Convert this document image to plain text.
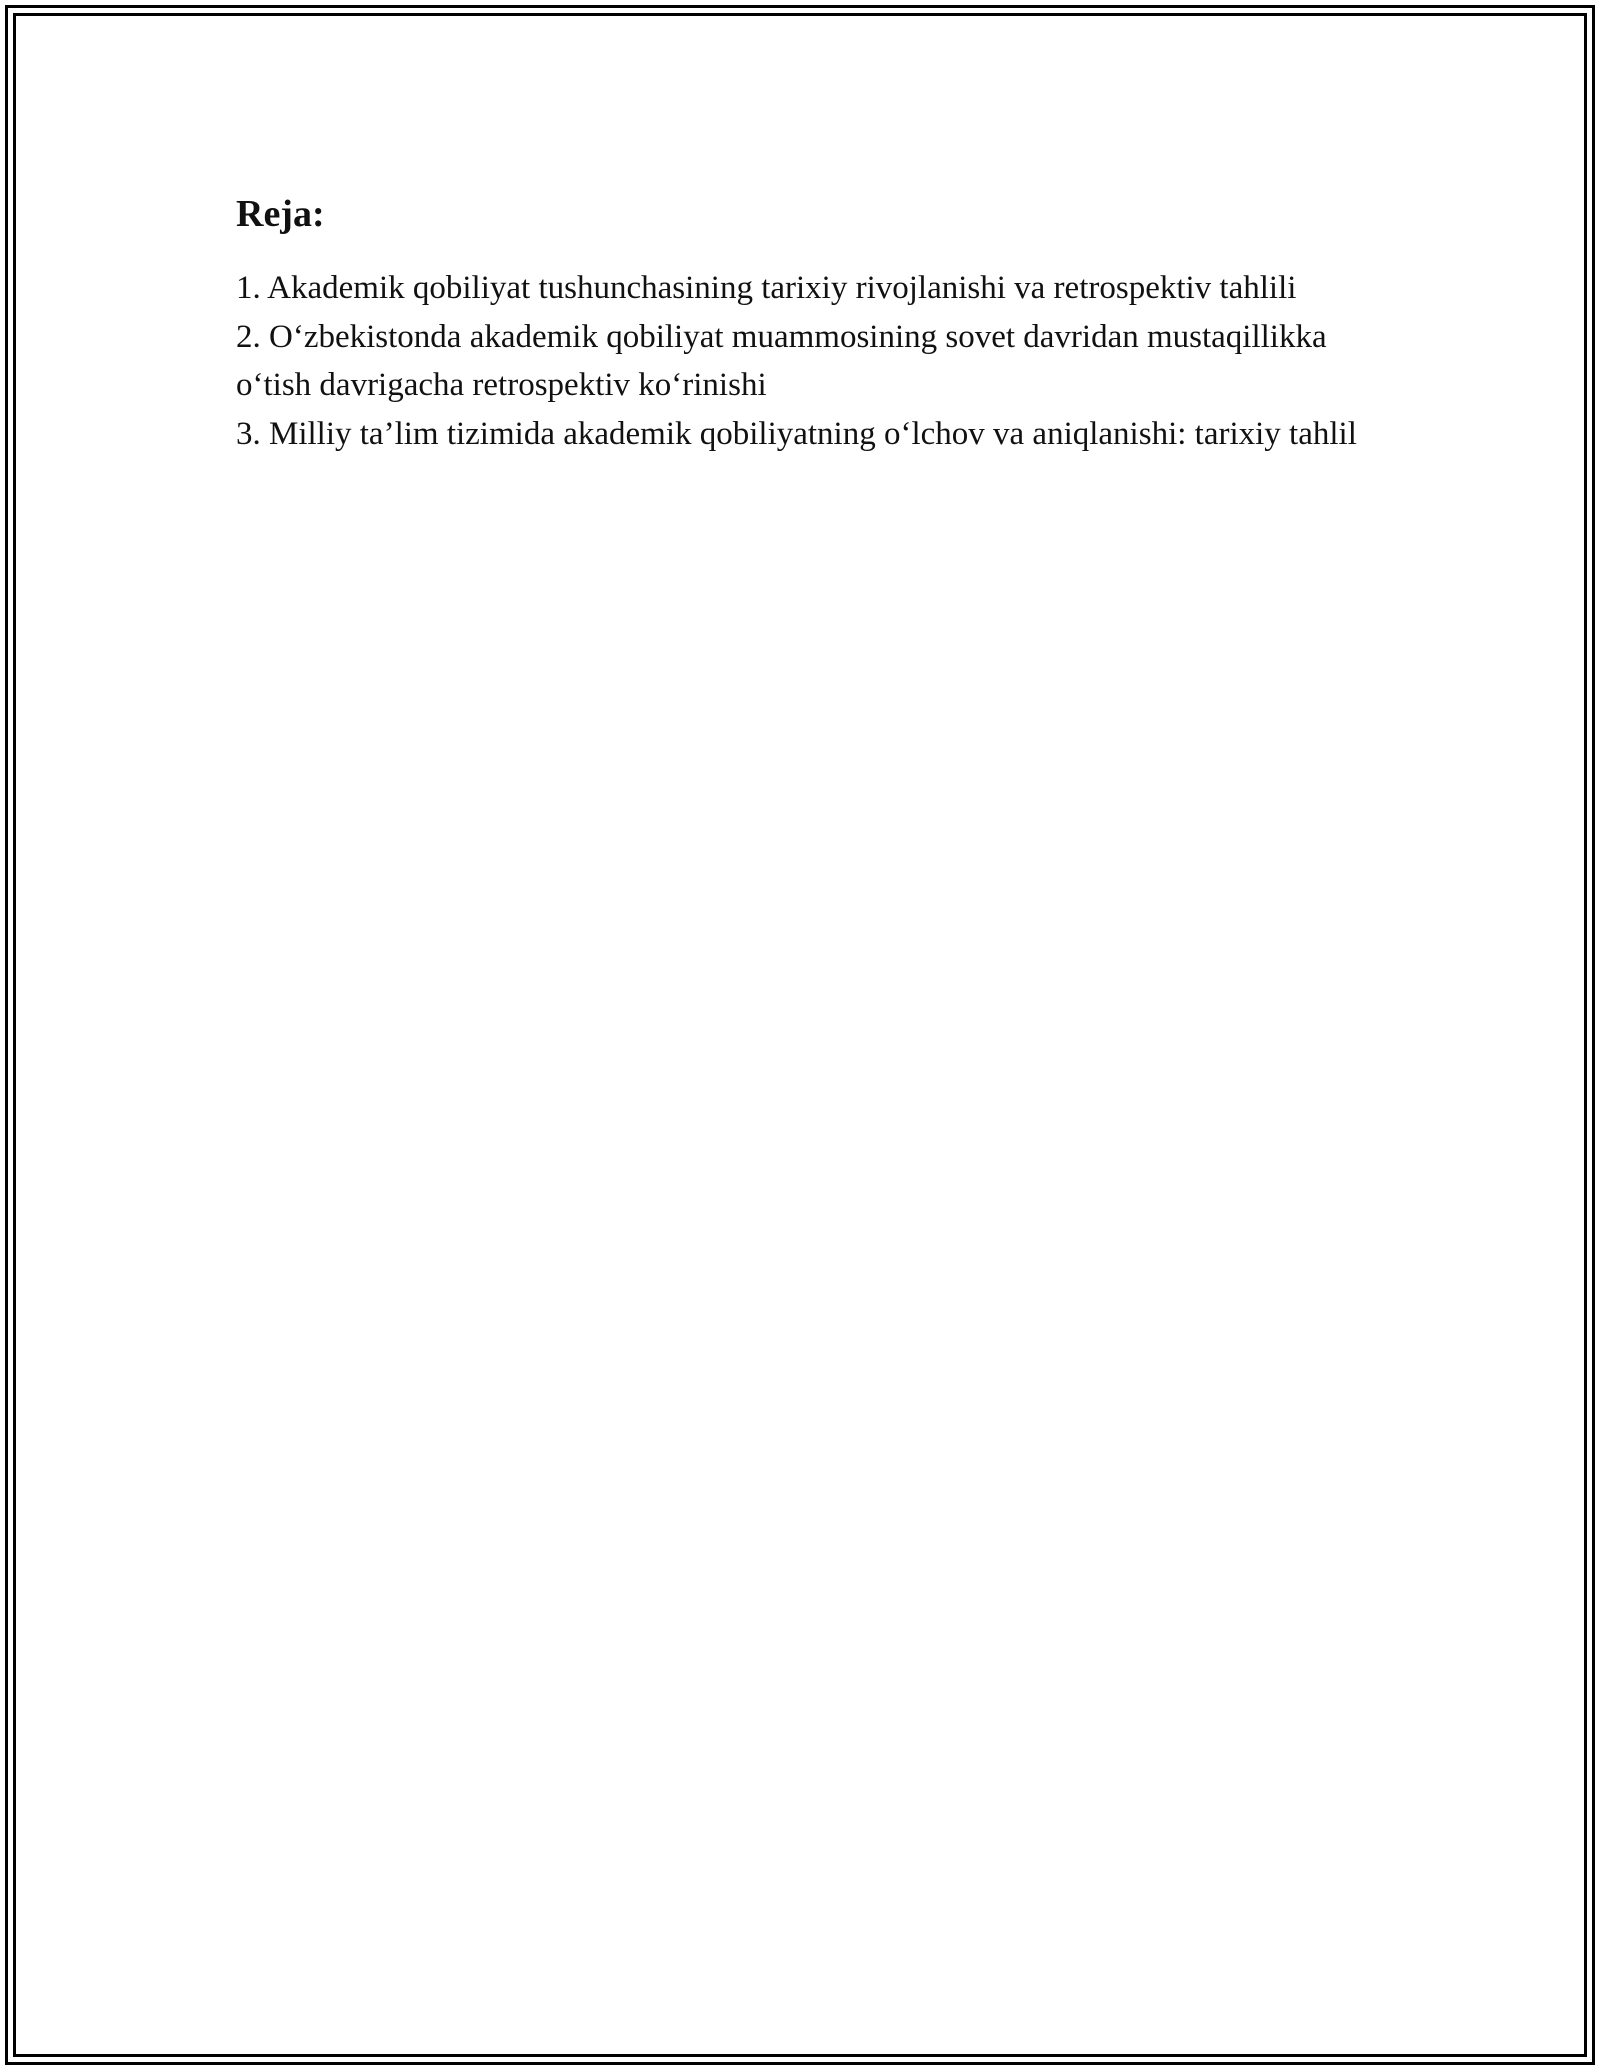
Reja:
1. Akademik qobiliyat tushunchasining tarixiy rivojlanishi va retrospektiv tahlili
2. O‘zbekistonda akademik qobiliyat muammosining sovet davridan mustaqillikka o‘tish davrigacha retrospektiv ko‘rinishi
3. Milliy ta’lim tizimida akademik qobiliyatning o‘lchov va aniqlanishi: tarixiy tahlil
